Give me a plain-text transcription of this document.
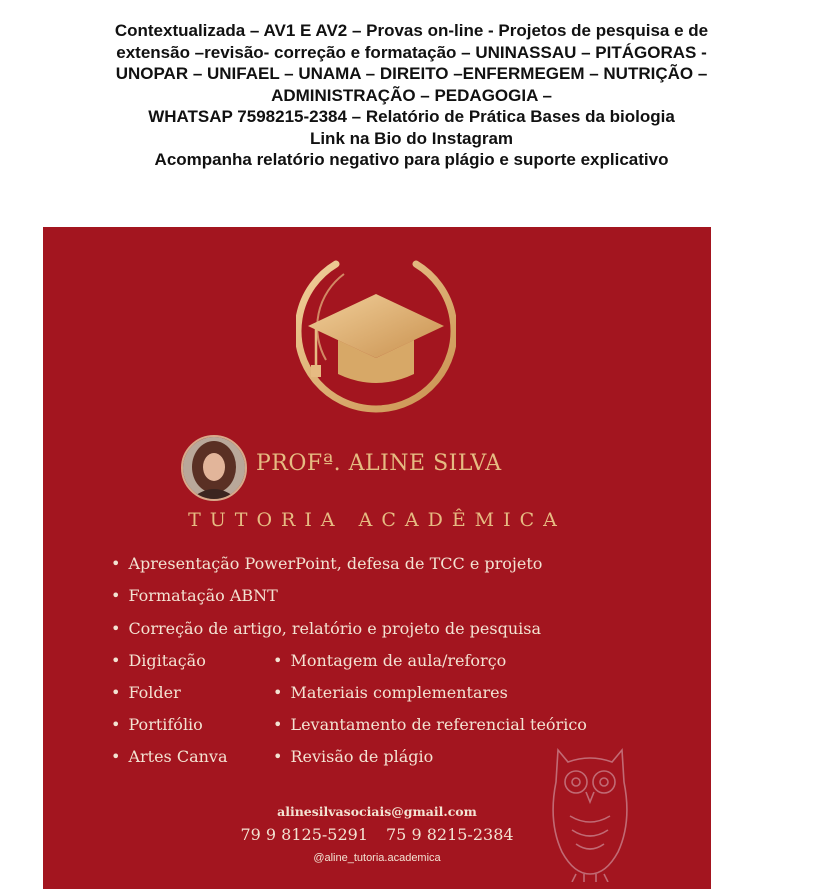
Contextualizada – AV1 E AV2 – Provas on-line - Projetos de pesquisa e de
extensão –revisão- correção e formatação – UNINASSAU – PITÁGORAS -
UNOPAR – UNIFAEL – UNAMA – DIREITO –ENFERMEGEM – NUTRIÇÃO –
ADMINISTRAÇÃO – PEDAGOGIA –
WHATSAP 7598215-2384 – Relatório de Prática Bases da biologia
Link na Bio do Instagram
Acompanha relatório negativo para plágio e suporte explicativo
PROFª. ALINE SILVA
TUTORIA ACADÊMICA
• Apresentação PowerPoint, defesa de TCC e projeto
• Formatação ABNT
• Correção de artigo, relatório e projeto de pesquisa
• Digitação	• Montagem de aula/reforço
• Folder	• Materiais complementares
• Portifólio	• Levantamento de referencial teórico
• Artes Canva	• Revisão de plágio
alinesilvasociais@gmail.com
79 9 8125-5291 75 9 8215-2384
@aline_tutoria.academica
